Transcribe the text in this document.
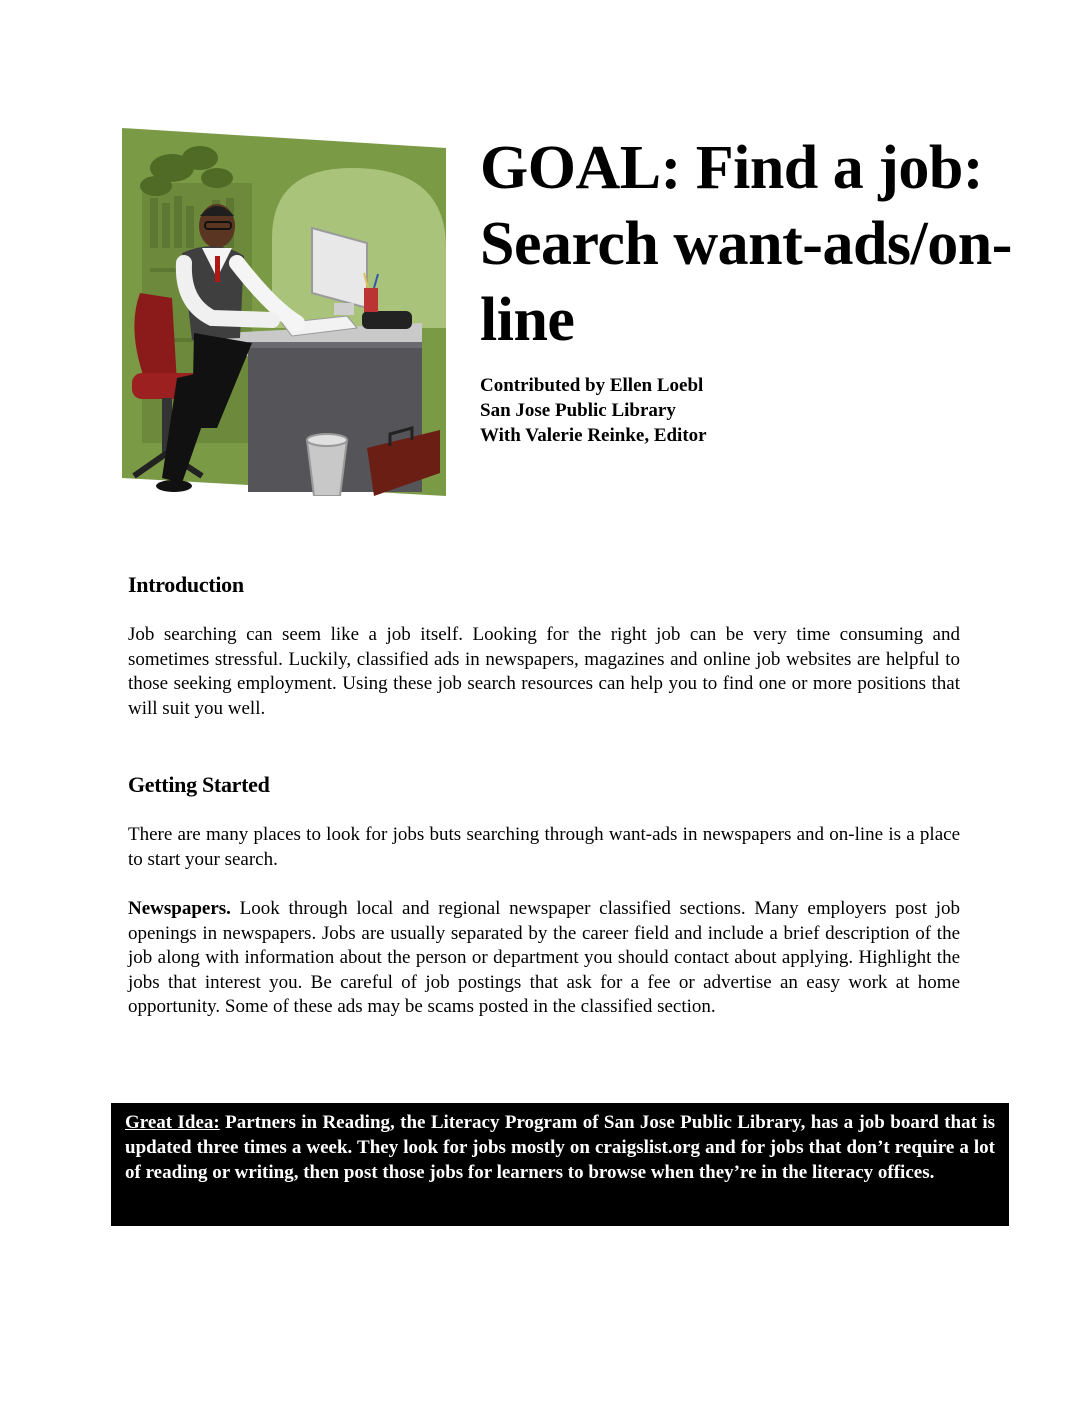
GOAL: Find a job: Search want-ads/on-line
Contributed by Ellen Loebl
San Jose Public Library
With Valerie Reinke, Editor
Introduction

Job searching can seem like a job itself. Looking for the right job can be very time consuming and sometimes stressful. Luckily, classified ads in newspapers, magazines and online job websites are helpful to those seeking employment. Using these job search resources can help you to find one or more positions that will suit you well.

Getting Started

There are many places to look for jobs buts searching through want-ads in newspapers and on-line is a place to start your search.

Newspapers. Look through local and regional newspaper classified sections. Many employers post job openings in newspapers. Jobs are usually separated by the career field and include a brief description of the job along with information about the person or department you should contact about applying. Highlight the jobs that interest you. Be careful of job postings that ask for a fee or advertise an easy work at home opportunity. Some of these ads may be scams posted in the classified section.

Great Idea: Partners in Reading, the Literacy Program of San Jose Public Library, has a job board that is updated three times a week. They look for jobs mostly on craigslist.org and for jobs that don’t require a lot of reading or writing, then post those jobs for learners to browse when they’re in the literacy offices.
